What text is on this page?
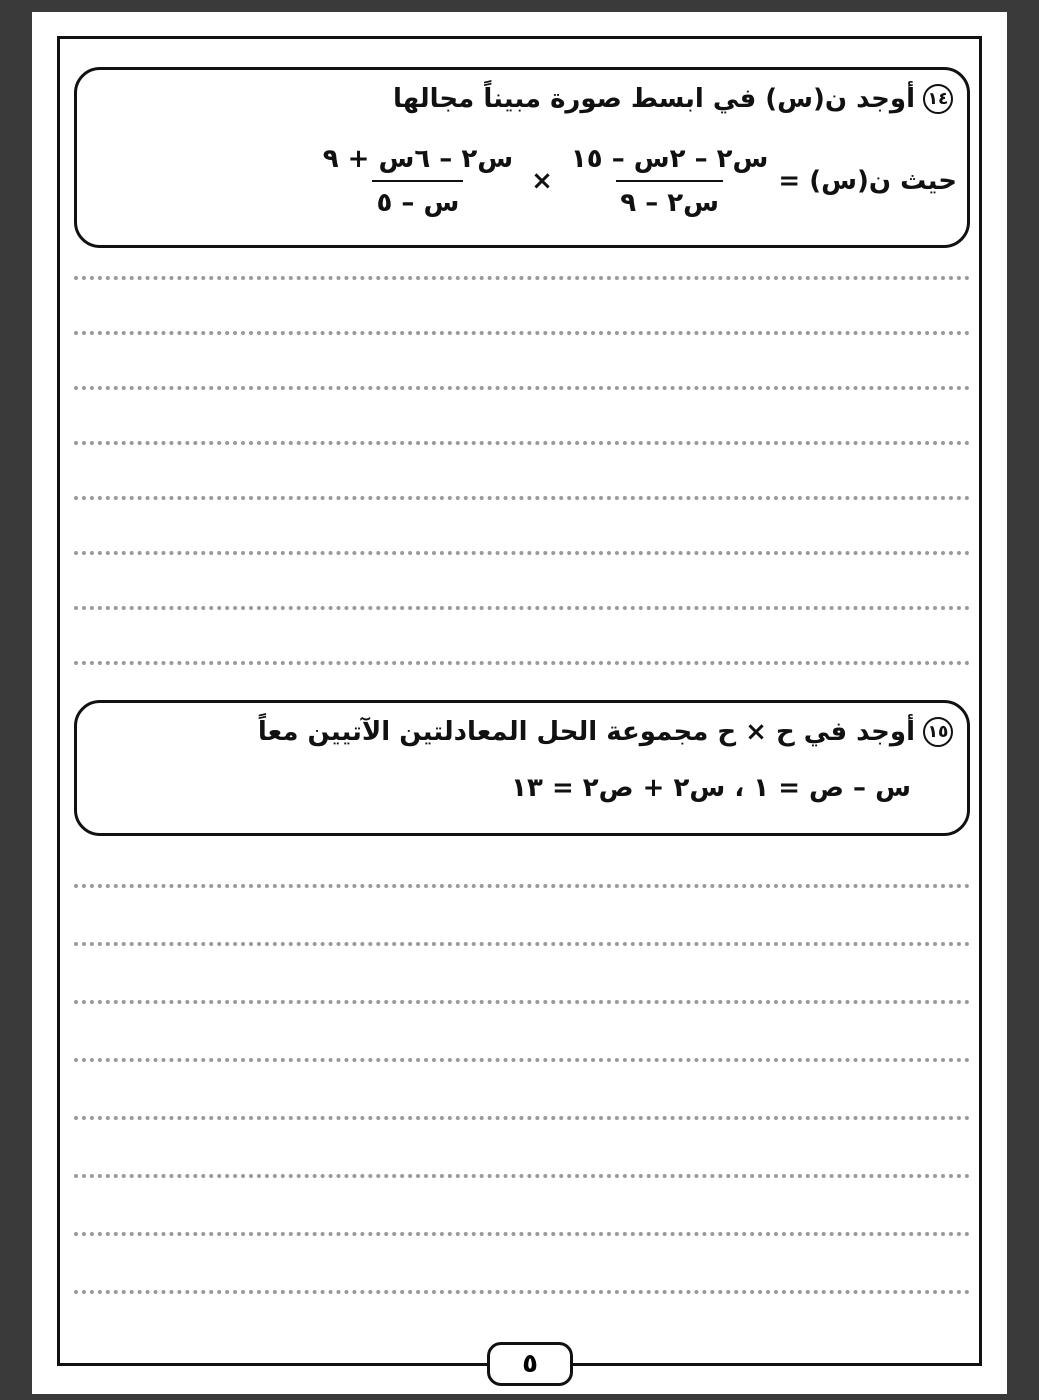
١٤
أوجد ن(س) في ابسط صورة مبيناً مجالها
حيث ن(س) =
$\frac{\text{س٢ – ٢س – ١٥}}{\text{س٢ – ٩}}$
×
$\frac{\text{س٢ – ٦س + ٩}}{\text{س – ٥}}$
١٥
أوجد في ح × ح مجموعة الحل المعادلتين الآتيين معاً
س – ص = ١ ، س٢ + ص٢ = ١٣
٥
